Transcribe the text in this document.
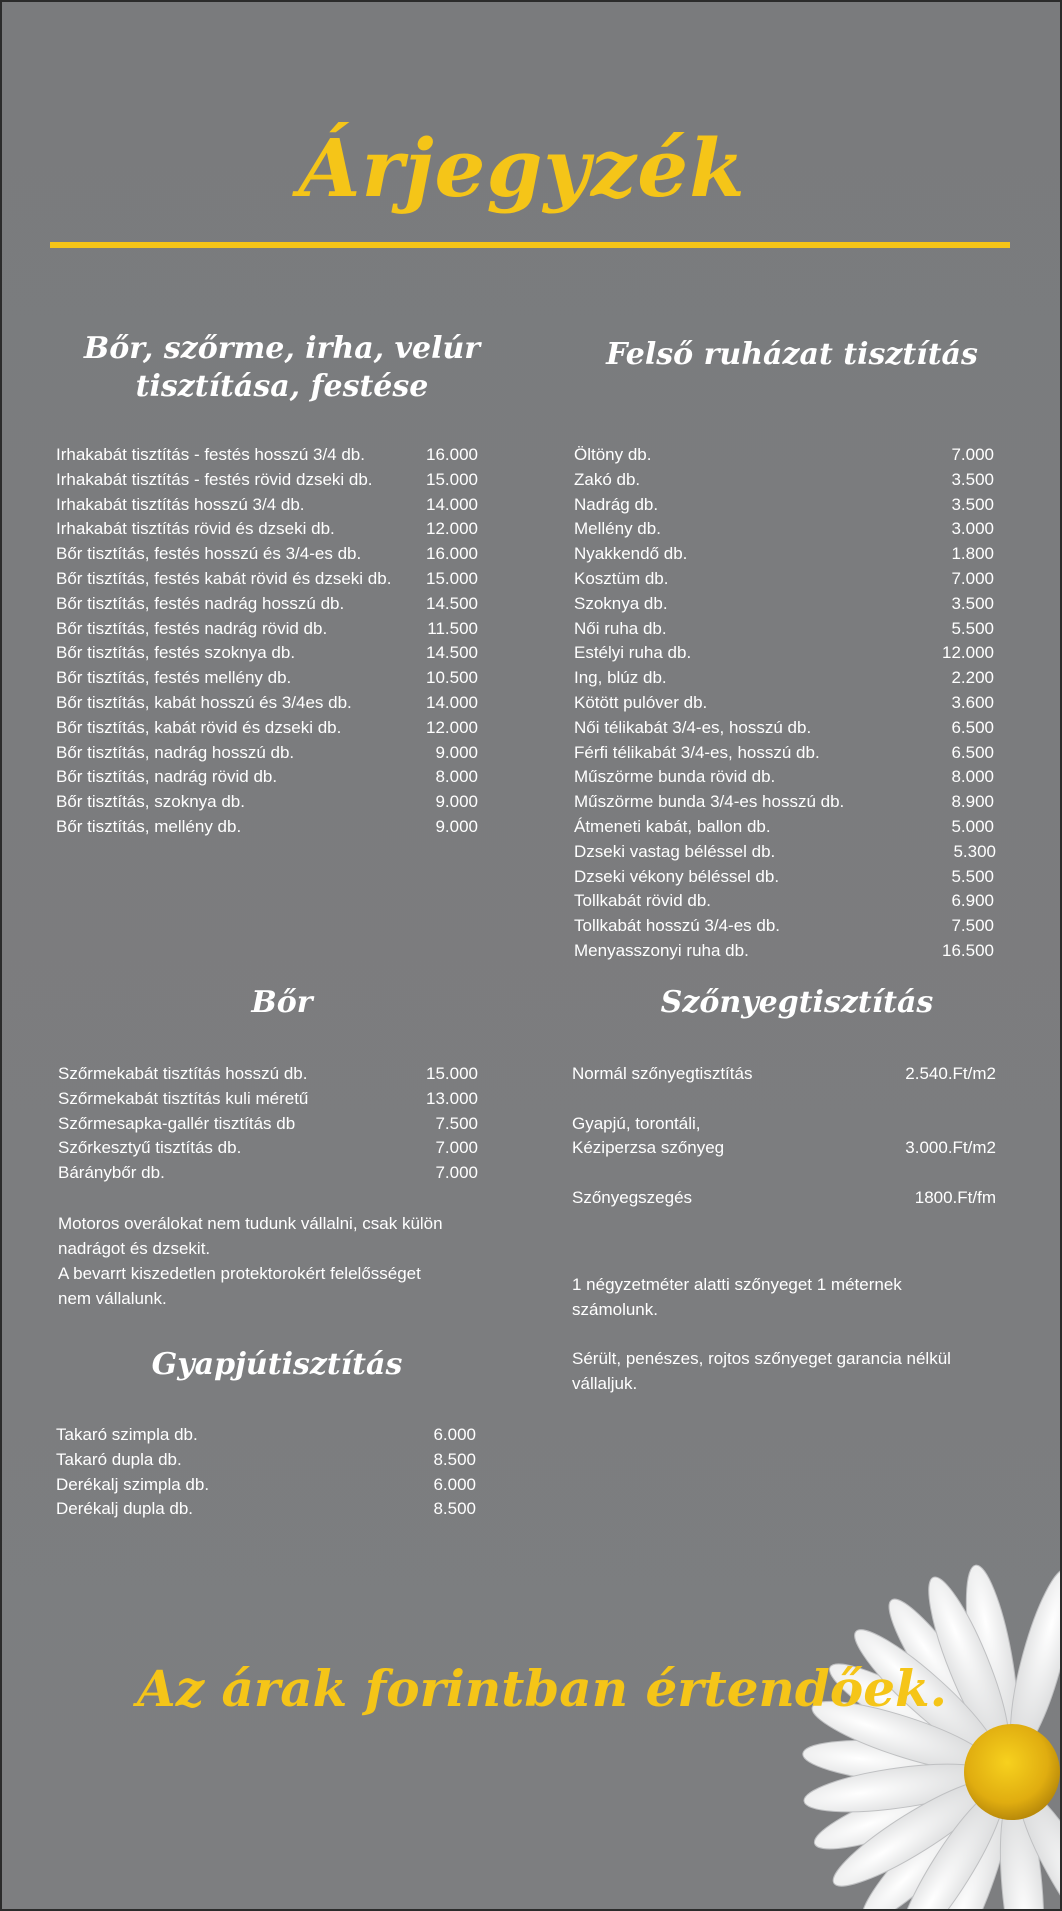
Árjegyzék
Bőr, szőrme, irha, velúr
tisztítása, festése
Irhakabát tisztítás - festés hosszú 3/4 db.	16.000
Irhakabát tisztítás - festés rövid dzseki db.	15.000
Irhakabát tisztítás hosszú 3/4 db.	14.000
Irhakabát tisztítás rövid és dzseki db.	12.000
Bőr tisztítás, festés hosszú és 3/4-es db.	16.000
Bőr tisztítás, festés kabát rövid és dzseki db. 15.000
Bőr tisztítás, festés nadrág hosszú db.	14.500
Bőr tisztítás, festés nadrág rövid db.	11.500
Bőr tisztítás, festés szoknya db.	14.500
Bőr tisztítás, festés mellény db.	10.500
Bőr tisztítás, kabát hosszú és 3/4es db.	14.000
Bőr tisztítás, kabát rövid és dzseki db.	12.000
Bőr tisztítás, nadrág hosszú db.	9.000
Bőr tisztítás, nadrág rövid db.	8.000
Bőr tisztítás, szoknya db.	9.000
Bőr tisztítás, mellény db.	9.000
Felső ruházat tisztítás
Öltöny db.	7.000
Zakó db.	3.500
Nadrág db.	3.500
Mellény db.	3.000
Nyakkendő db.	1.800
Kosztüm db.	7.000
Szoknya db.	3.500
Női ruha db.	5.500
Estélyi ruha db.	12.000
Ing, blúz db.	2.200
Kötött pulóver db.	3.600
Női télikabát 3/4-es, hosszú db.	6.500
Férfi télikabát 3/4-es, hosszú db.	6.500
Műszörme bunda rövid db.	8.000
Műszörme bunda 3/4-es hosszú db.	8.900
Átmeneti kabát, ballon db.	5.000
Dzseki vastag béléssel db.	5.300
Dzseki vékony béléssel db.	5.500
Tollkabát rövid db.	6.900
Tollkabát hosszú 3/4-es db.	7.500
Menyasszonyi ruha db.	16.500
Bőr
Szőrmekabát tisztítás hosszú db.	15.000
Szőrmekabát tisztítás kuli méretű	13.000
Szőrmesapka-gallér tisztítás db	7.500
Szőrkesztyű tisztítás db.	7.000
Báránybőr db.	7.000
Motoros overálokat nem tudunk vállalni, csak külön
nadrágot és dzsekit.
A bevarrt kiszedetlen protektorokért felelősséget
nem vállalunk.
Szőnyegtisztítás
Normál szőnyegtisztítás	2.540.Ft/m2
Gyapjú, torontáli,
Kéziperzsa szőnyeg	3.000.Ft/m2
Szőnyegszegés	1800.Ft/fm
1 négyzetméter alatti szőnyeget 1 méternek
számolunk.
Sérült, penészes, rojtos szőnyeget garancia nélkül
vállaljuk.
Gyapjútisztítás
Takaró szimpla db.	6.000
Takaró dupla db.	8.500
Derékalj szimpla db.	6.000
Derékalj dupla db.	8.500
Az árak forintban értendőek.
